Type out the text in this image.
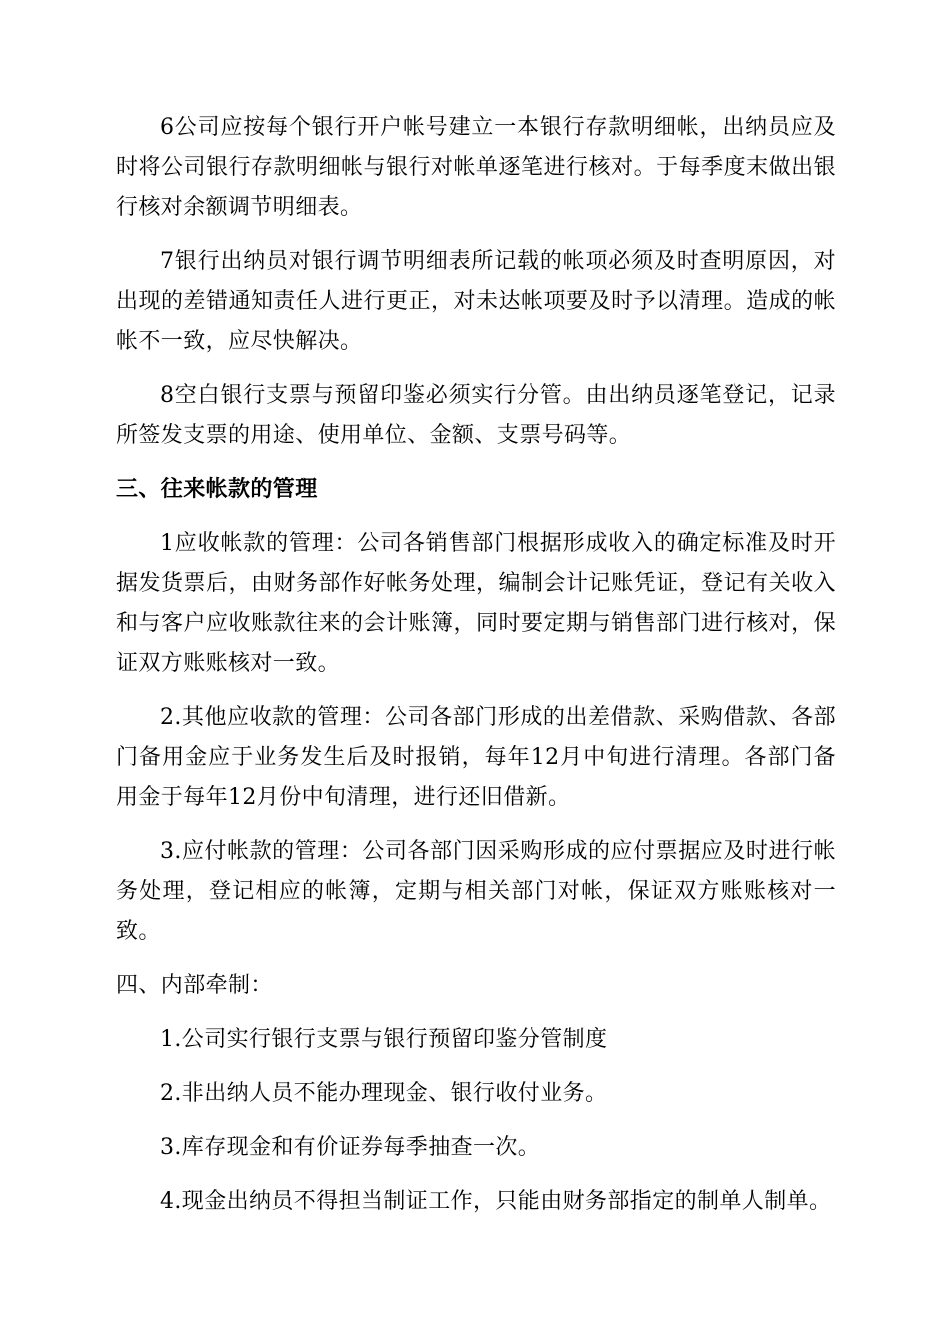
6公司应按每个银行开户帐号建立一本银行存款明细帐，出纳员应及时将公司银行存款明细帐与银行对帐单逐笔进行核对。于每季度末做出银行核对余额调节明细表。

7银行出纳员对银行调节明细表所记载的帐项必须及时查明原因，对出现的差错通知责任人进行更正，对未达帐项要及时予以清理。造成的帐帐不一致，应尽快解决。

8空白银行支票与预留印鉴必须实行分管。由出纳员逐笔登记，记录所签发支票的用途、使用单位、金额、支票号码等。

三、往来帐款的管理

1应收帐款的管理：公司各销售部门根据形成收入的确定标准及时开据发货票后，由财务部作好帐务处理，编制会计记账凭证，登记有关收入和与客户应收账款往来的会计账簿，同时要定期与销售部门进行核对，保证双方账账核对一致。

2.其他应收款的管理：公司各部门形成的出差借款、采购借款、各部门备用金应于业务发生后及时报销，每年12月中旬进行清理。各部门备用金于每年12月份中旬清理，进行还旧借新。

3.应付帐款的管理：公司各部门因采购形成的应付票据应及时进行帐务处理，登记相应的帐簿，定期与相关部门对帐，保证双方账账核对一致。

四、内部牵制：
1.公司实行银行支票与银行预留印鉴分管制度
2.非出纳人员不能办理现金、银行收付业务。
3.库存现金和有价证券每季抽查一次。
4.现金出纳员不得担当制证工作，只能由财务部指定的制单人制单。
